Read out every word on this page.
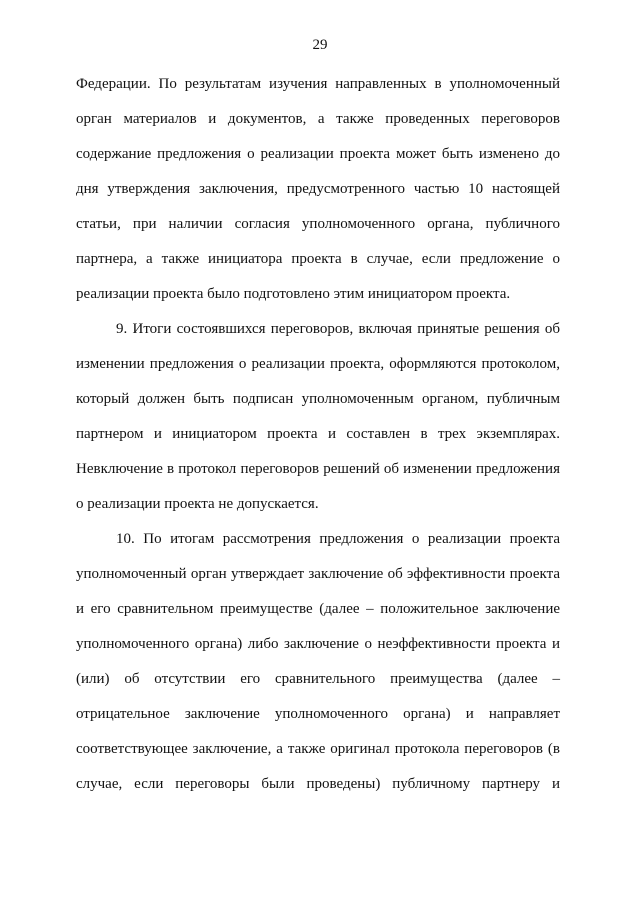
29
Федерации. По результатам изучения направленных в уполномоченный
орган материалов и документов, а также проведенных переговоров
содержание предложения о реализации проекта может быть изменено до
дня утверждения заключения, предусмотренного частью 10 настоящей
статьи, при наличии согласия уполномоченного органа, публичного
партнера, а также инициатора проекта в случае, если предложение о
реализации проекта было подготовлено этим инициатором проекта.
9. Итоги состоявшихся переговоров, включая принятые решения об
изменении предложения о реализации проекта, оформляются протоколом,
который должен быть подписан уполномоченным органом, публичным
партнером и инициатором проекта и составлен в трех экземплярах.
Невключение в протокол переговоров решений об изменении предложения
о реализации проекта не допускается.
10. По итогам рассмотрения предложения о реализации проекта
уполномоченный орган утверждает заключение об эффективности проекта
и его сравнительном преимуществе (далее – положительное заключение
уполномоченного органа) либо заключение о неэффективности проекта и
(или) об отсутствии его сравнительного преимущества (далее –
отрицательное заключение уполномоченного органа) и направляет
соответствующее заключение, а также оригинал протокола переговоров (в
случае, если переговоры были проведены) публичному партнеру и
